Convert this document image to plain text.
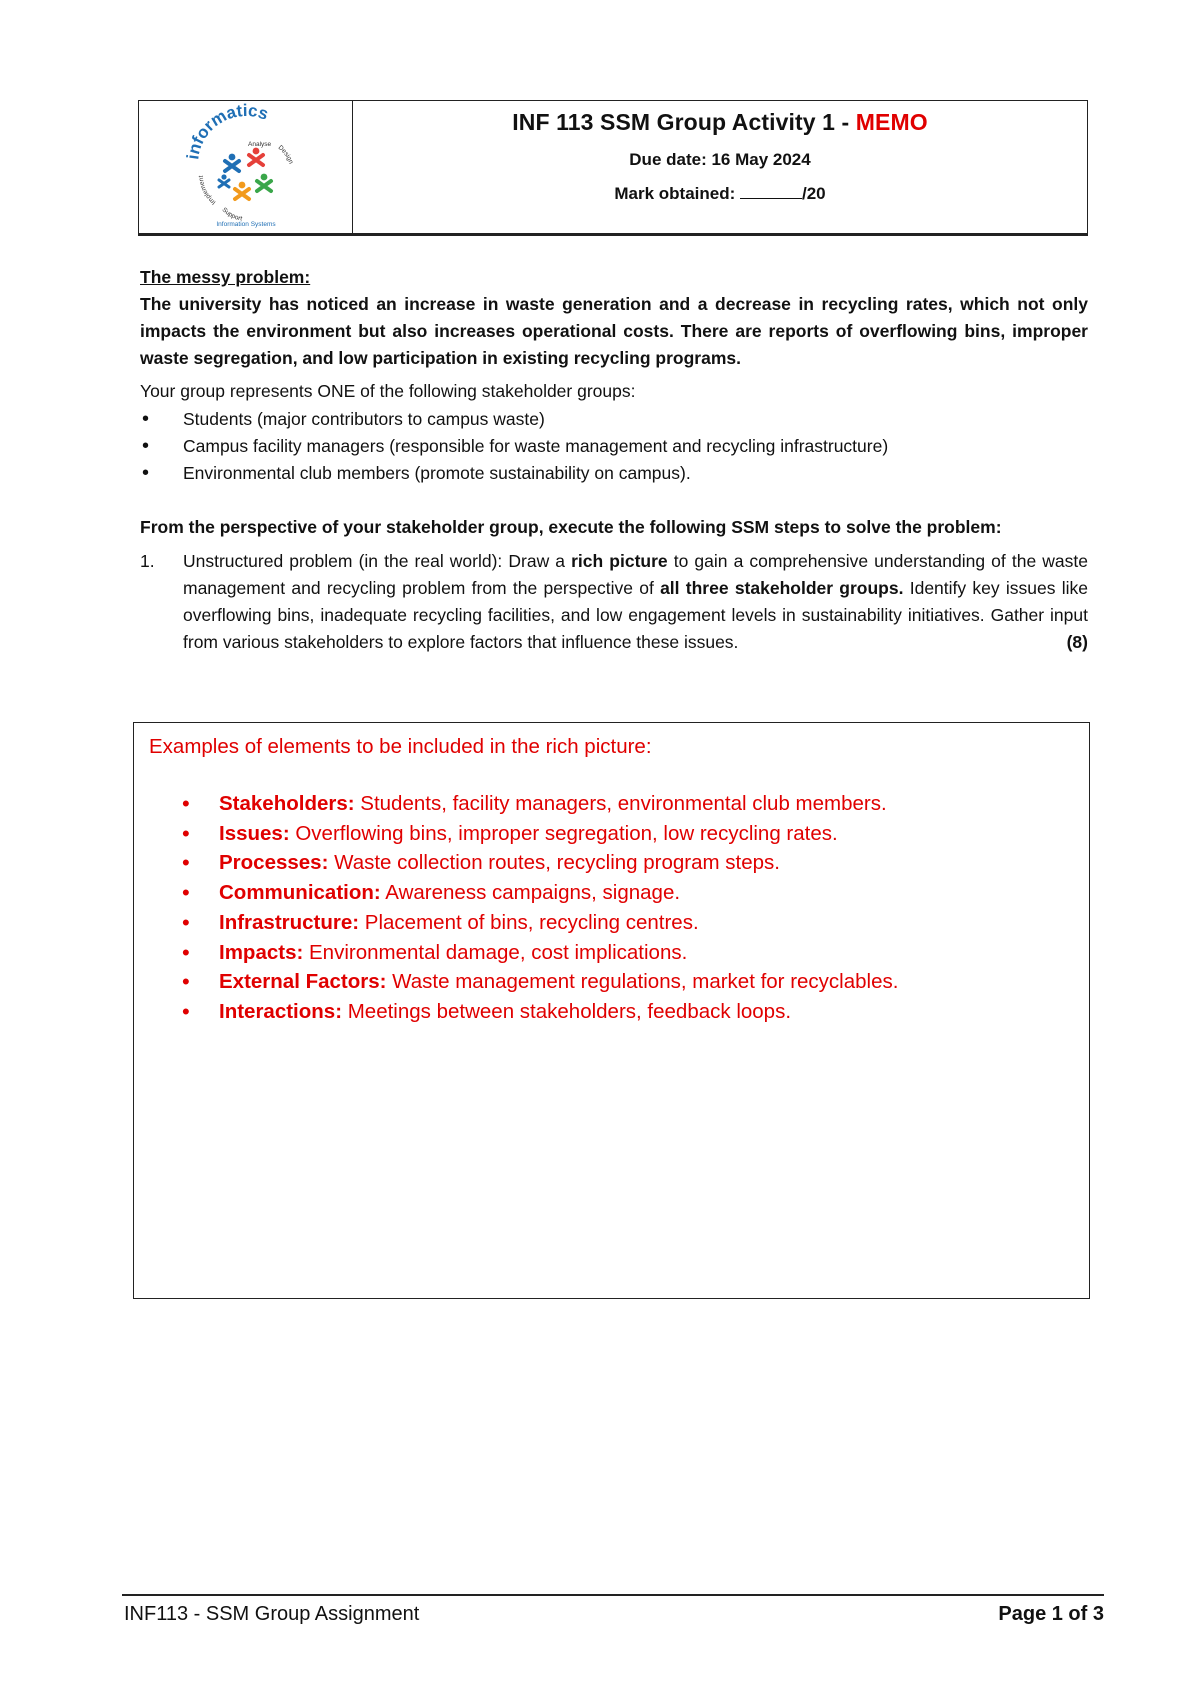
informatics
Implement
Design
Support
Analyse
Information Systems
INF 113 SSM Group Activity 1 - MEMO
Due date: 16 May 2024
Mark obtained:	/20
The messy problem:
The university has noticed an increase in waste generation and a decrease in recycling rates, which not only impacts the environment but also increases operational costs. There are reports of overflowing bins, improper waste segregation, and low participation in existing recycling programs.
Your group represents ONE of the following stakeholder groups:
• Students (major contributors to campus waste)
• Campus facility managers (responsible for waste management and recycling infrastructure)
• Environmental club members (promote sustainability on campus).
From the perspective of your stakeholder group, execute the following SSM steps to solve the problem:
1.	Unstructured problem (in the real world): Draw a rich picture to gain a comprehensive understanding of the waste management and recycling problem from the perspective of all three stakeholder groups. Identify key issues like overflowing bins, inadequate recycling facilities, and low engagement levels in sustainability initiatives. Gather input from various stakeholders to explore factors that influence these issues.	(8)
Examples of elements to be included in the rich picture:
• Stakeholders: Students, facility managers, environmental club members.
• Issues: Overflowing bins, improper segregation, low recycling rates.
• Processes: Waste collection routes, recycling program steps.
• Communication: Awareness campaigns, signage.
• Infrastructure: Placement of bins, recycling centres.
• Impacts: Environmental damage, cost implications.
• External Factors: Waste management regulations, market for recyclables.
• Interactions: Meetings between stakeholders, feedback loops.
INF113 - SSM Group Assignment	Page 1 of 3
